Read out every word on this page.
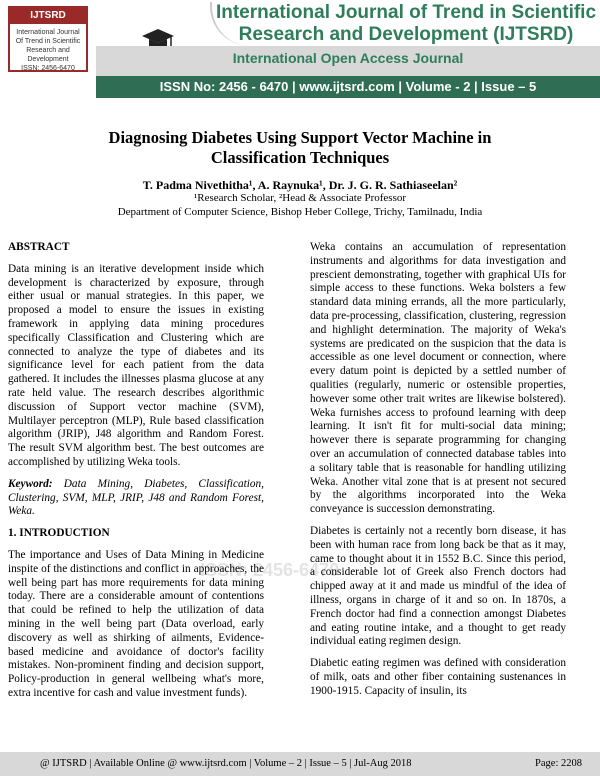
IJTSRD
International Journal
Of Trend in Scientific
Research and
Development
ISSN: 2456-6470
International Journal of Trend in Scientific
Research and Development (IJTSRD)
International Open Access Journal
ISSN No: 2456 - 6470 | www.ijtsrd.com | Volume - 2 | Issue – 5
Diagnosing Diabetes Using Support Vector Machine in
Classification Techniques
T. Padma Nivethitha¹, A. Raynuka¹, Dr. J. G. R. Sathiaseelan²
¹Research Scholar, ²Head & Associate Professor
Department of Computer Science, Bishop Heber College, Trichy, Tamilnadu, India
ISSN: 2456-6470

ABSTRACT

Data mining is an iterative development inside which development is characterized by exposure, through either usual or manual strategies. In this paper, we proposed a model to ensure the issues in existing framework in applying data mining procedures specifically Classification and Clustering which are connected to analyze the type of diabetes and its significance level for each patient from the data gathered. It includes the illnesses plasma glucose at any rate held value. The research describes algorithmic discussion of Support vector machine (SVM), Multilayer perceptron (MLP), Rule based classification algorithm (JRIP), J48 algorithm and Random Forest. The result SVM algorithm best. The best outcomes are accomplished by utilizing Weka tools.

Keyword: Data Mining, Diabetes, Classification, Clustering, SVM, MLP, JRIP, J48 and Random Forest, Weka.

1. INTRODUCTION

The importance and Uses of Data Mining in Medicine inspite of the distinctions and conflict in approaches, the well being part has more requirements for data mining today. There are a considerable amount of contentions that could be refined to help the utilization of data mining in the well being part (Data overload, early discovery as well as shirking of ailments, Evidence-based medicine and avoidance of doctor's facility mistakes. Non-prominent finding and decision support, Policy-production in general wellbeing what's more, extra incentive for cash and value investment funds).

Weka contains an accumulation of representation instruments and algorithms for data investigation and prescient demonstrating, together with graphical UIs for simple access to these functions. Weka bolsters a few standard data mining errands, all the more particularly, data pre-processing, classification, clustering, regression and highlight determination. The majority of Weka's systems are predicated on the suspicion that the data is accessible as one level document or connection, where every datum point is depicted by a settled number of qualities (regularly, numeric or ostensible properties, however some other trait writes are likewise bolstered). Weka furnishes access to profound learning with deep learning. It isn't fit for multi-social data mining; however there is separate programming for changing over an accumulation of connected database tables into a solitary table that is reasonable for handling utilizing Weka. Another vital zone that is at present not secured by the algorithms incorporated into the Weka conveyance is succession demonstrating.

Diabetes is certainly not a recently born disease, it has been with human race from long back be that as it may, came to thought about it in 1552 B.C. Since this period, a considerable lot of Greek also French doctors had chipped away at it and made us mindful of the idea of illness, organs in charge of it and so on. In 1870s, a French doctor had find a connection amongst Diabetes and eating routine intake, and a thought to get ready individual eating regimen design.

Diabetic eating regimen was defined with consideration of milk, oats and other fiber containing sustenances in 1900-1915. Capacity of insulin, its

@ IJTSRD | Available Online @ www.ijtsrd.com | Volume – 2 | Issue – 5 | Jul-Aug 2018	Page: 2208
